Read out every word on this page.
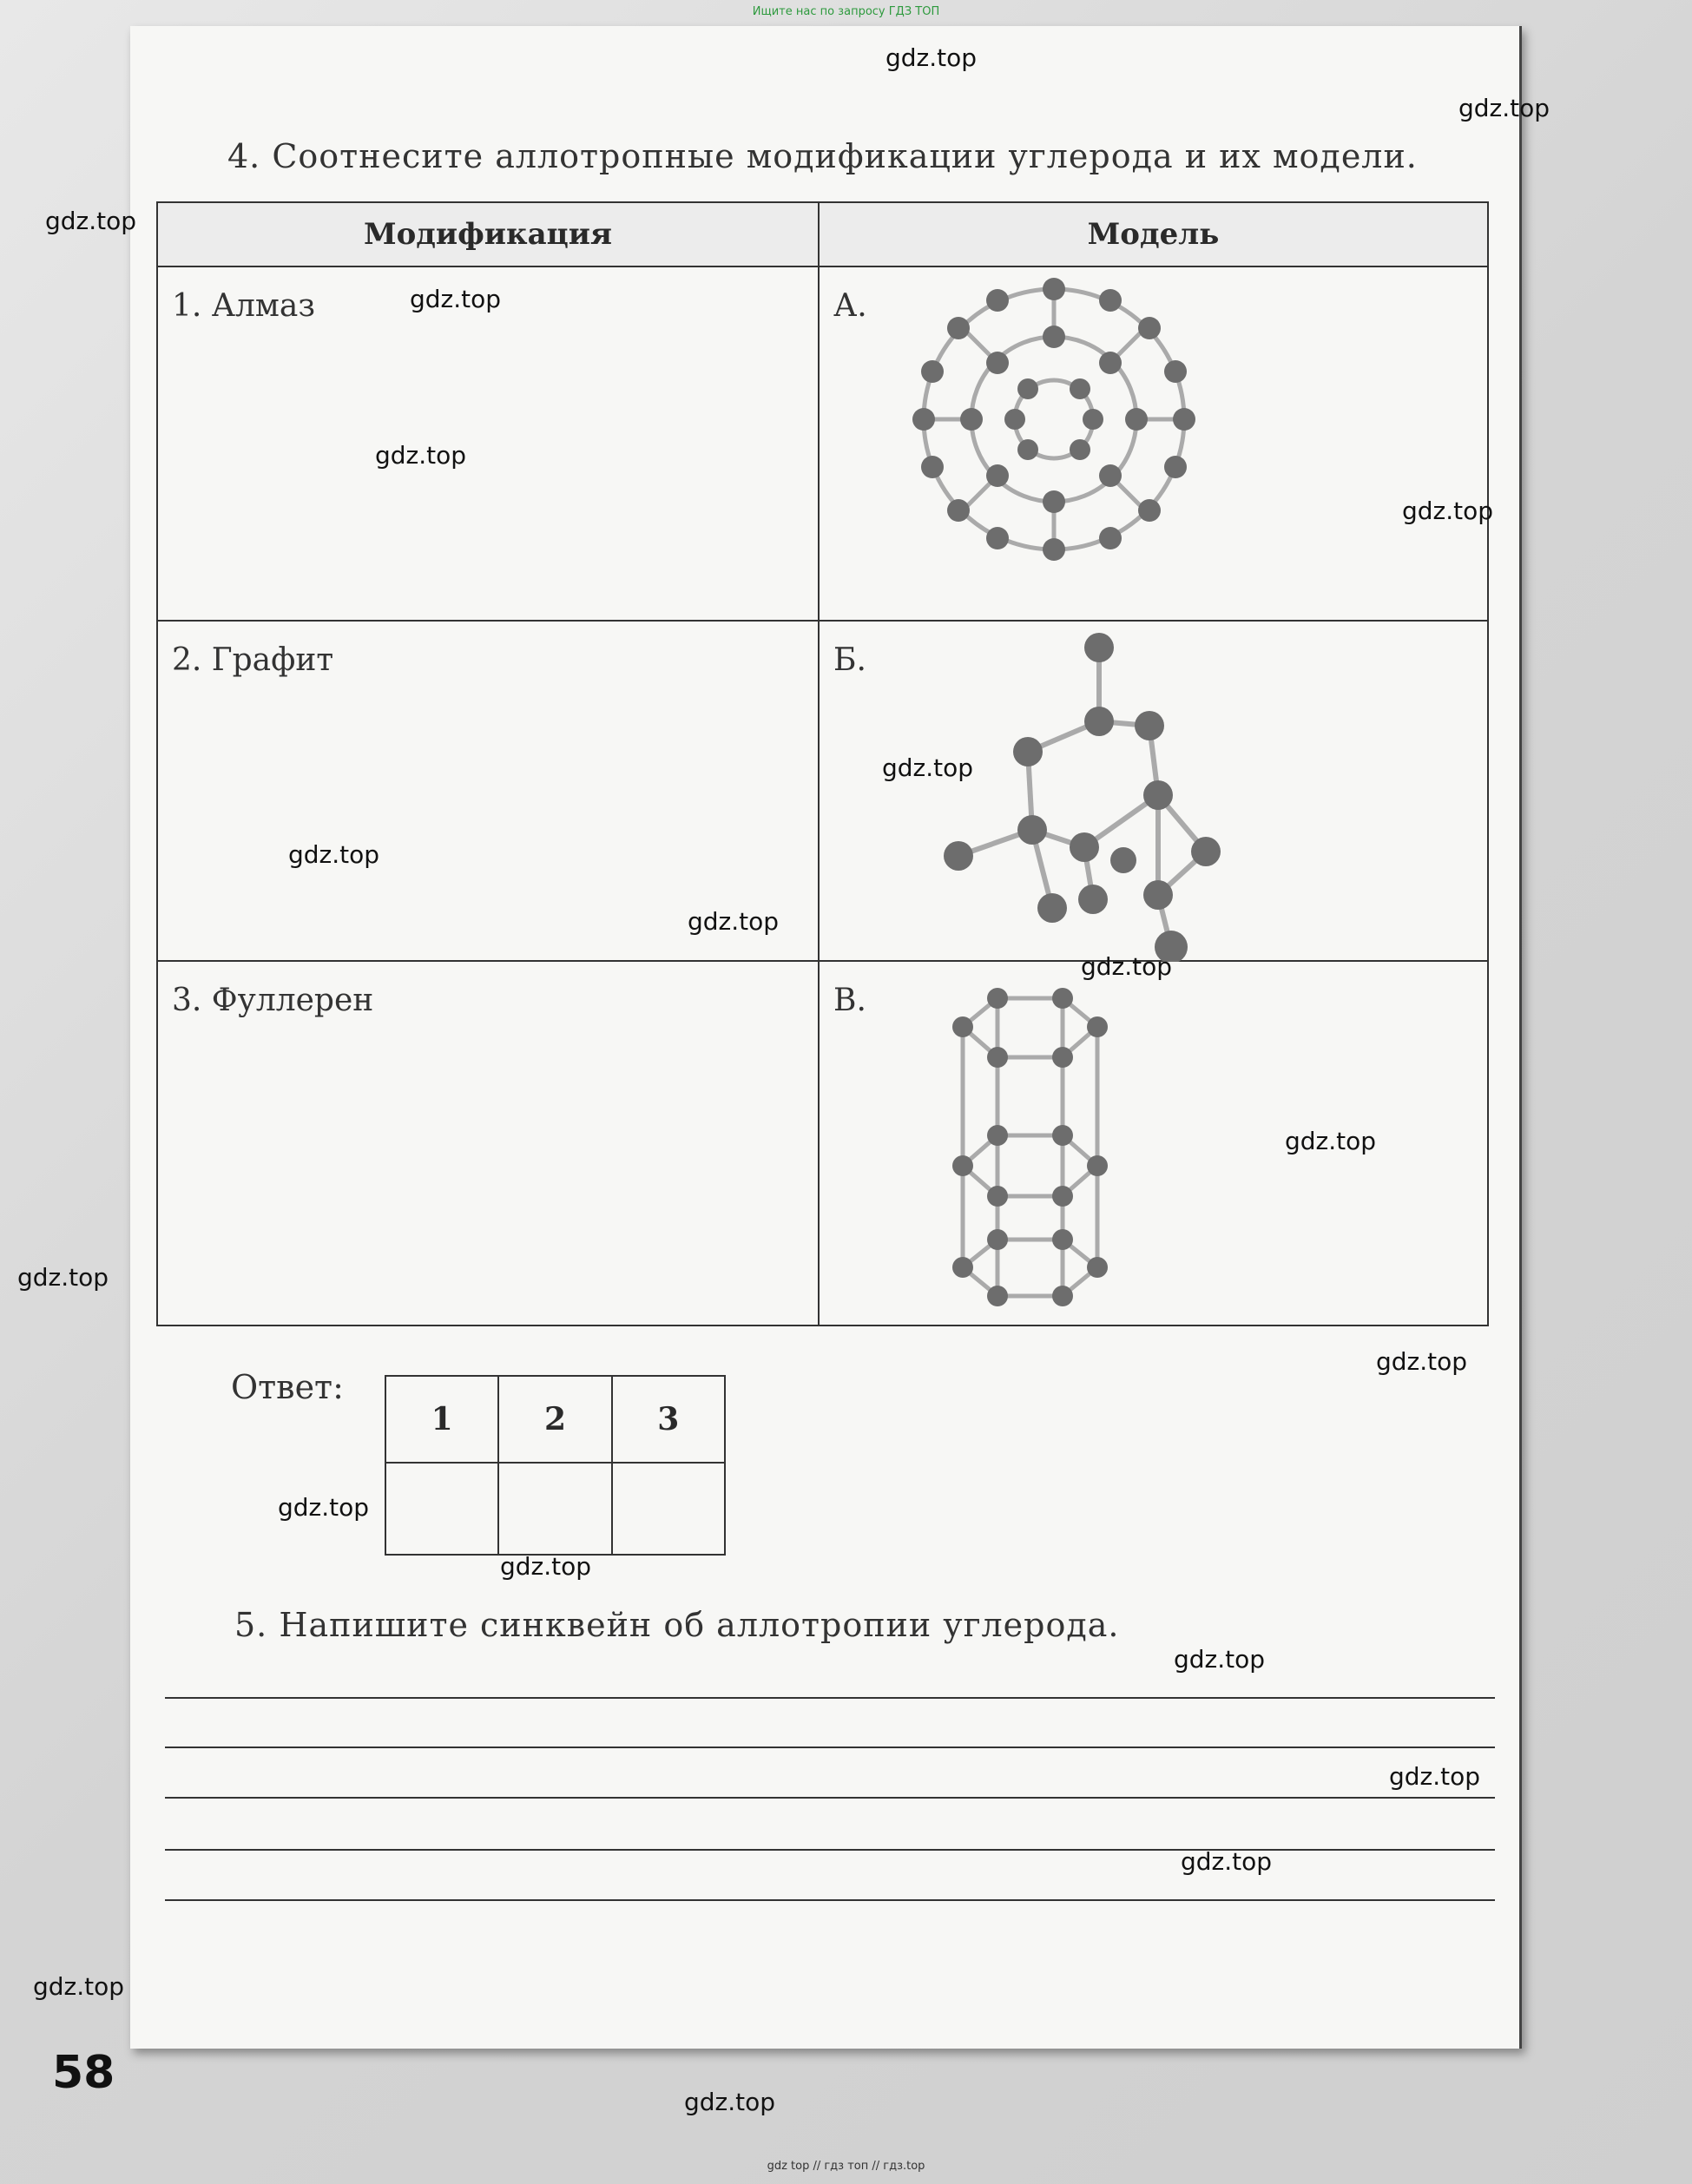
Ищите нас по запросу ГДЗ ТОП
4. Соотнесите аллотропные модификации углерода и их модели.
Модификация	Модель

1. Алмаз	А.

2. Графит	Б.

3. Фуллерен	В.
Ответ:
1	2	3

5. Напишите синквейн об аллотропии углерода.
58
gdz.top
gdz.top
gdz.top
gdz.top
gdz.top
gdz.top
gdz.top
gdz.top
gdz.top
gdz.top
gdz.top
gdz.top
gdz.top
gdz.top
gdz.top
gdz.top
gdz.top
gdz.top
gdz.top
gdz.top
gdz top // гдз топ // гдз.top
